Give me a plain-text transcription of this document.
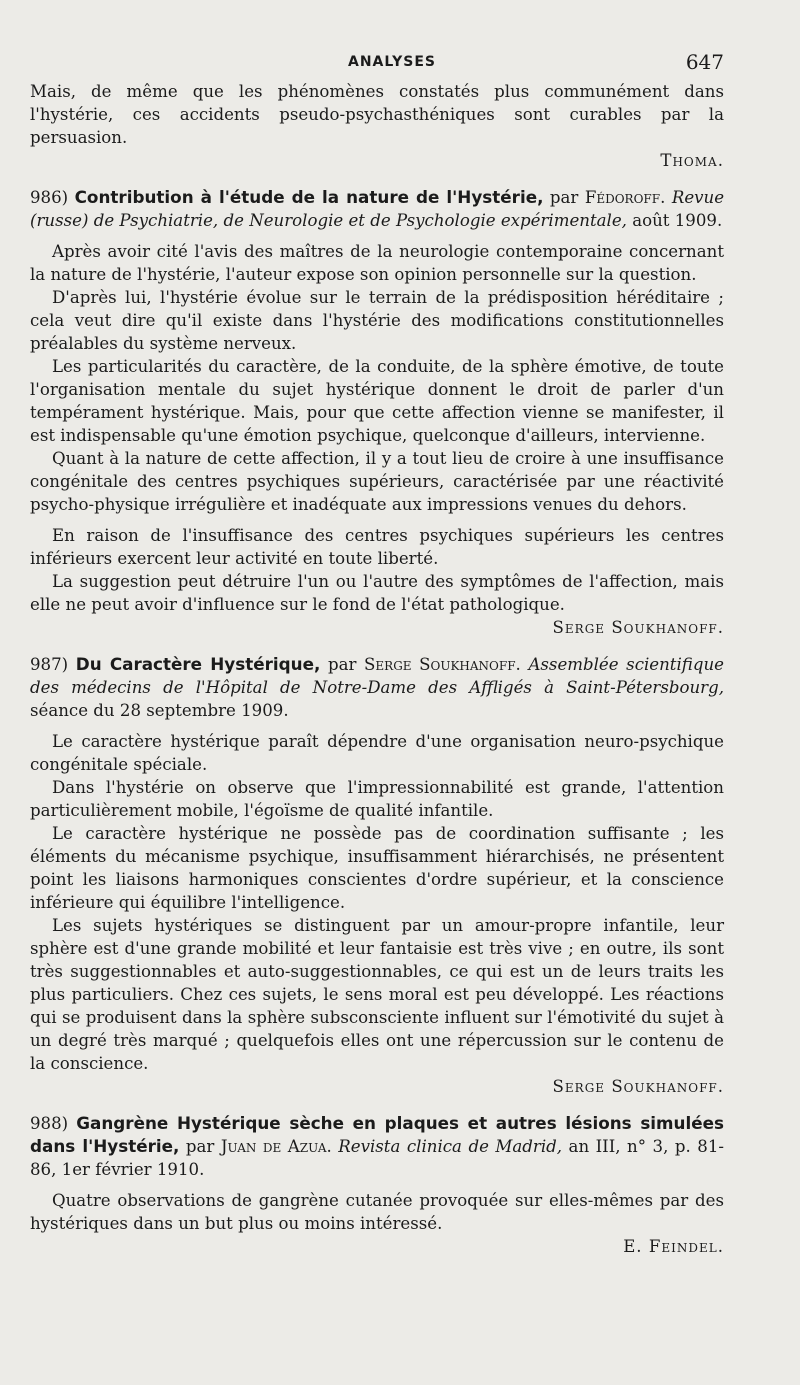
ANALYSES	647

Mais, de même que les phénomènes constatés plus communément dans l'hystérie, ces accidents pseudo-psychasthéniques sont curables par la persuasion.

Thoma.

986) Contribution à l'étude de la nature de l'Hystérie, par Fédoroff. Revue (russe) de Psychiatrie, de Neurologie et de Psychologie expérimentale, août 1909.

Après avoir cité l'avis des maîtres de la neurologie contemporaine concernant la nature de l'hystérie, l'auteur expose son opinion personnelle sur la question.

D'après lui, l'hystérie évolue sur le terrain de la prédisposition héréditaire ; cela veut dire qu'il existe dans l'hystérie des modifications constitutionnelles préalables du système nerveux.

Les particularités du caractère, de la conduite, de la sphère émotive, de toute l'organisation mentale du sujet hystérique donnent le droit de parler d'un tempérament hystérique. Mais, pour que cette affection vienne se manifester, il est indispensable qu'une émotion psychique, quelconque d'ailleurs, intervienne.

Quant à la nature de cette affection, il y a tout lieu de croire à une insuffisance congénitale des centres psychiques supérieurs, caractérisée par une réactivité psycho-physique irrégulière et inadéquate aux impressions venues du dehors.

En raison de l'insuffisance des centres psychiques supérieurs les centres inférieurs exercent leur activité en toute liberté.

La suggestion peut détruire l'un ou l'autre des symptômes de l'affection, mais elle ne peut avoir d'influence sur le fond de l'état pathologique.

Serge Soukhanoff.

987) Du Caractère Hystérique, par Serge Soukhanoff. Assemblée scientifique des médecins de l'Hôpital de Notre-Dame des Affligés à Saint-Pétersbourg, séance du 28 septembre 1909.

Le caractère hystérique paraît dépendre d'une organisation neuro-psychique congénitale spéciale.

Dans l'hystérie on observe que l'impressionnabilité est grande, l'attention particulièrement mobile, l'égoïsme de qualité infantile.

Le caractère hystérique ne possède pas de coordination suffisante ; les éléments du mécanisme psychique, insuffisamment hiérarchisés, ne présentent point les liaisons harmoniques conscientes d'ordre supérieur, et la conscience inférieure qui équilibre l'intelligence.

Les sujets hystériques se distinguent par un amour-propre infantile, leur sphère est d'une grande mobilité et leur fantaisie est très vive ; en outre, ils sont très suggestionnables et auto-suggestionnables, ce qui est un de leurs traits les plus particuliers. Chez ces sujets, le sens moral est peu développé. Les réactions qui se produisent dans la sphère subsconsciente influent sur l'émotivité du sujet à un degré très marqué ; quelquefois elles ont une répercussion sur le contenu de la conscience.

Serge Soukhanoff.

988) Gangrène Hystérique sèche en plaques et autres lésions simulées dans l'Hystérie, par Juan de Azua. Revista clinica de Madrid, an III, n° 3, p. 81-86, 1er février 1910.

Quatre observations de gangrène cutanée provoquée sur elles-mêmes par des hystériques dans un but plus ou moins intéressé.

E. Feindel.
